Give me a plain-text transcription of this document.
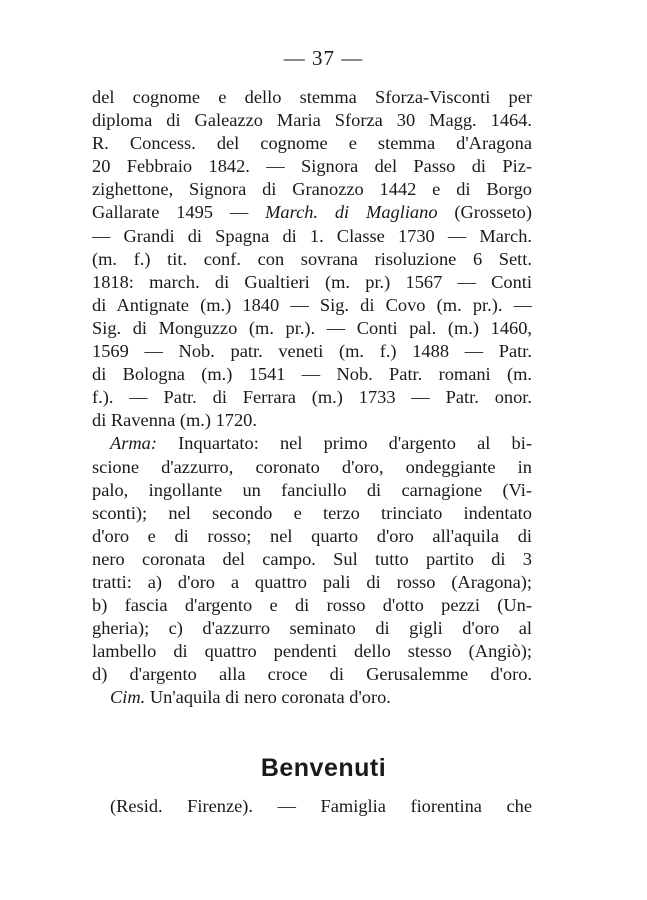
— 37 —
del cognome e dello stemma Sforza-Visconti per
diploma di Galeazzo Maria Sforza 30 Magg. 1464.
R. Concess. del cognome e stemma d'Aragona
20 Febbraio 1842. — Signora del Passo di Piz-
zighettone, Signora di Granozzo 1442 e di Borgo
Gallarate 1495 — March. di Magliano (Grosseto)
— Grandi di Spagna di 1. Classe 1730 — March.
(m. f.) tit. conf. con sovrana risoluzione 6 Sett.
1818: march. di Gualtieri (m. pr.) 1567 — Conti
di Antignate (m.) 1840 — Sig. di Covo (m. pr.). —
Sig. di Monguzzo (m. pr.). — Conti pal. (m.) 1460,
1569 — Nob. patr. veneti (m. f.) 1488 — Patr.
di Bologna (m.) 1541 — Nob. Patr. romani (m.
f.). — Patr. di Ferrara (m.) 1733 — Patr. onor.
di Ravenna (m.) 1720.
Arma: Inquartato: nel primo d'argento al bi-
scione d'azzurro, coronato d'oro, ondeggiante in
palo, ingollante un fanciullo di carnagione (Vi-
sconti); nel secondo e terzo trinciato indentato
d'oro e di rosso; nel quarto d'oro all'aquila di
nero coronata del campo. Sul tutto partito di 3
tratti: a) d'oro a quattro pali di rosso (Aragona);
b) fascia d'argento e di rosso d'otto pezzi (Un-
gheria); c) d'azzurro seminato di gigli d'oro al
lambello di quattro pendenti dello stesso (Angiò);
d) d'argento alla croce di Gerusalemme d'oro.
Cim. Un'aquila di nero coronata d'oro.
Benvenuti
(Resid. Firenze). — Famiglia fiorentina che
